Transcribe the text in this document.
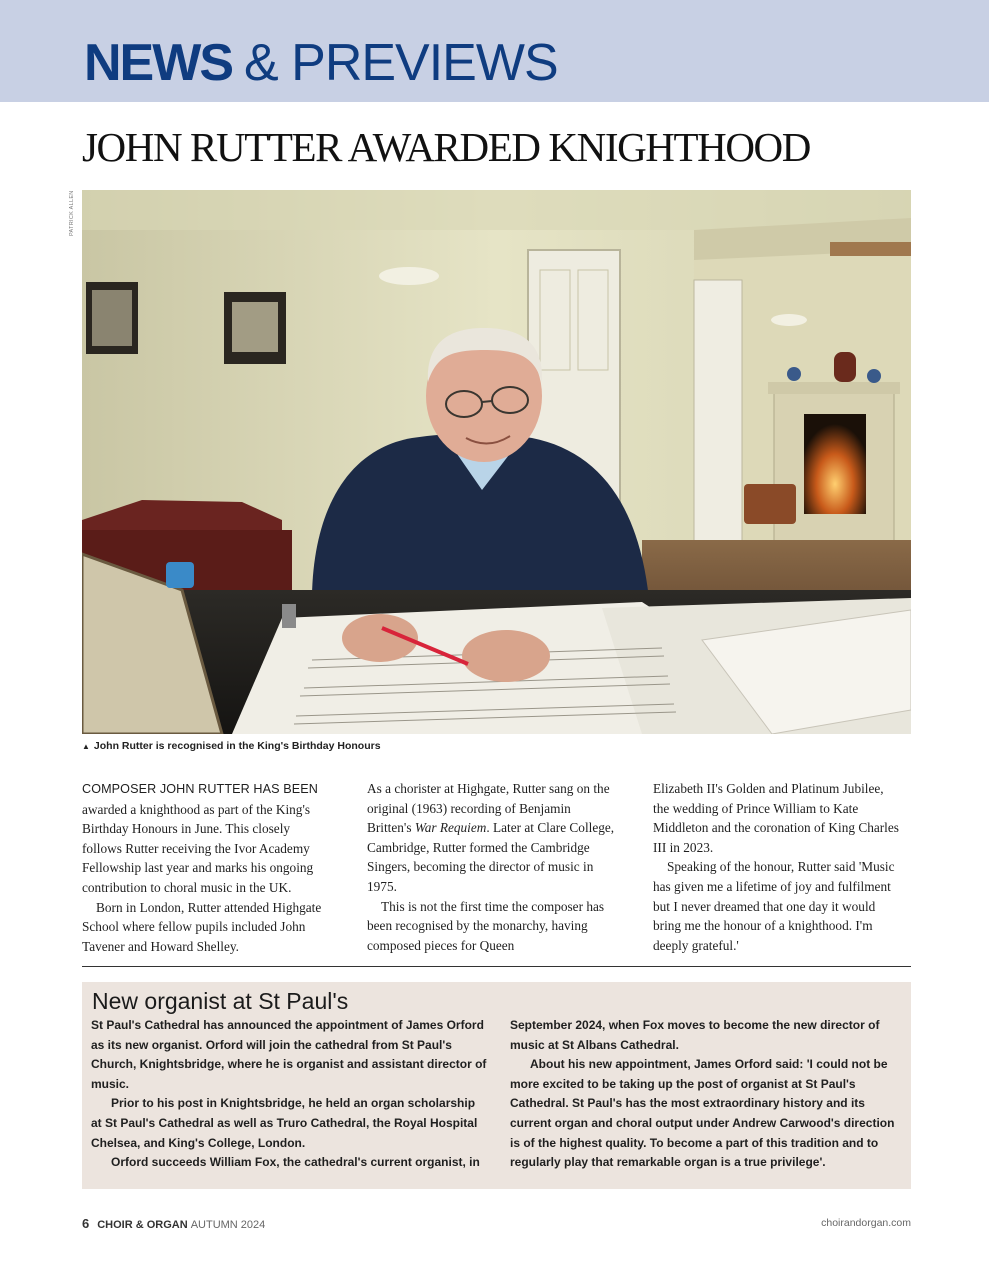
NEWS & PREVIEWS
JOHN RUTTER AWARDED KNIGHTHOOD
PATRICK ALLEN
▲ John Rutter is recognised in the King's Birthday Honours

COMPOSER JOHN RUTTER HAS BEEN awarded a knighthood as part of the King's Birthday Honours in June. This closely follows Rutter receiving the Ivor Academy Fellowship last year and marks his ongoing contribution to choral music in the UK.

Born in London, Rutter attended Highgate School where fellow pupils included John Tavener and Howard Shelley.

As a chorister at Highgate, Rutter sang on the original (1963) recording of Benjamin Britten's War Requiem. Later at Clare College, Cambridge, Rutter formed the Cambridge Singers, becoming the director of music in 1975.

This is not the first time the composer has been recognised by the monarchy, having composed pieces for Queen

Elizabeth II's Golden and Platinum Jubilee, the wedding of Prince William to Kate Middleton and the coronation of King Charles III in 2023.

Speaking of the honour, Rutter said 'Music has given me a lifetime of joy and fulfilment but I never dreamed that one day it would bring me the honour of a knighthood. I'm deeply grateful.'

New organist at St Paul's

St Paul's Cathedral has announced the appointment of James Orford as its new organist. Orford will join the cathedral from St Paul's Church, Knightsbridge, where he is organist and assistant director of music.

Prior to his post in Knightsbridge, he held an organ scholarship at St Paul's Cathedral as well as Truro Cathedral, the Royal Hospital Chelsea, and King's College, London.

Orford succeeds William Fox, the cathedral's current organist, in

September 2024, when Fox moves to become the new director of music at St Albans Cathedral.

About his new appointment, James Orford said: 'I could not be more excited to be taking up the post of organist at St Paul's Cathedral. St Paul's has the most extraordinary history and its current organ and choral output under Andrew Carwood's direction is of the highest quality. To become a part of this tradition and to regularly play that remarkable organ is a true privilege'.

6 CHOIR & ORGAN AUTUMN 2024	choirandorgan.com
